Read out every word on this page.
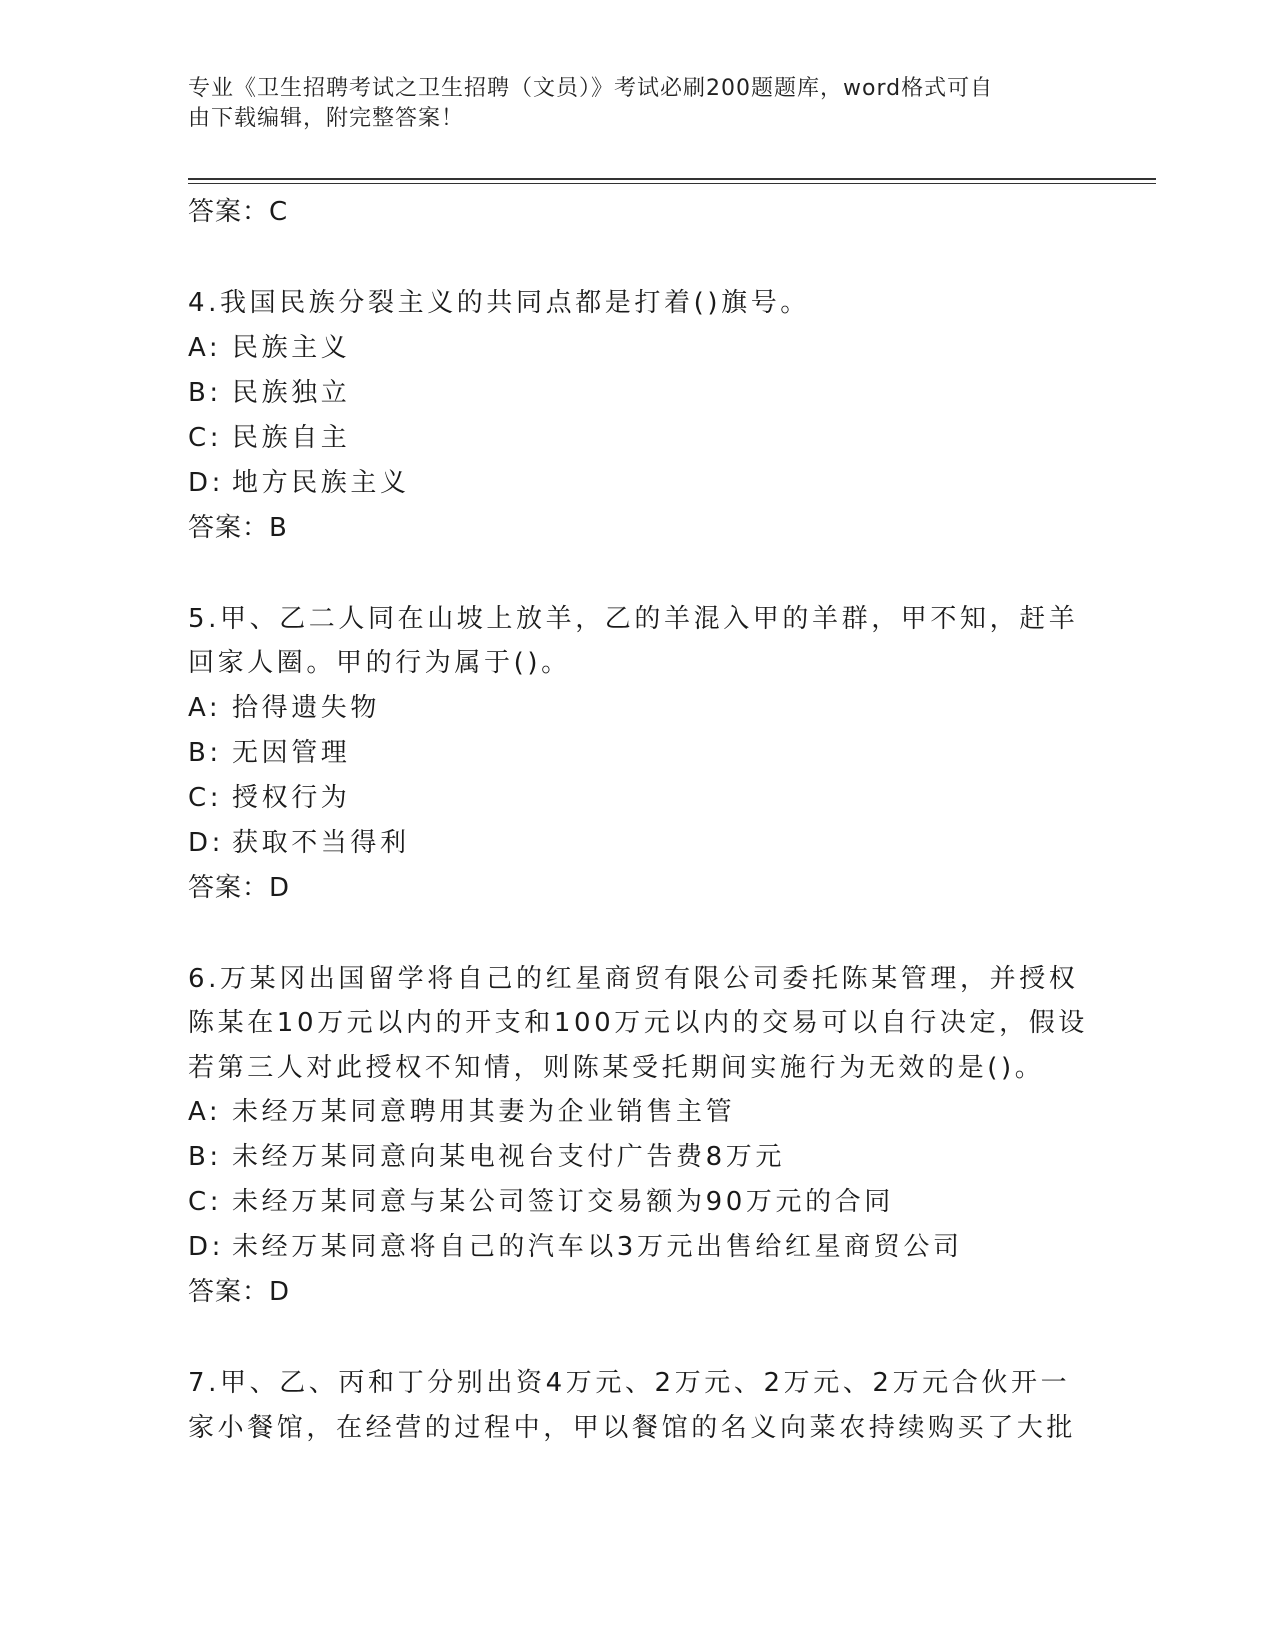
专业《卫生招聘考试之卫生招聘（文员）》考试必刷200题题库，word格式可自
由下载编辑，附完整答案！
答案：C
4.我国民族分裂主义的共同点都是打着()旗号。
A: 民族主义
B: 民族独立
C: 民族自主
D: 地方民族主义
答案：B
5.甲、乙二人同在山坡上放羊，乙的羊混入甲的羊群，甲不知，赶羊
回家人圈。甲的行为属于()。
A: 拾得遗失物
B: 无因管理
C: 授权行为
D: 获取不当得利
答案：D
6.万某冈出国留学将自己的红星商贸有限公司委托陈某管理，并授权
陈某在10万元以内的开支和100万元以内的交易可以自行决定，假设
若第三人对此授权不知情，则陈某受托期间实施行为无效的是()。
A: 未经万某同意聘用其妻为企业销售主管
B: 未经万某同意向某电视台支付广告费8万元
C: 未经万某同意与某公司签订交易额为90万元的合同
D: 未经万某同意将自己的汽车以3万元出售给红星商贸公司
答案：D
7.甲、乙、丙和丁分别出资4万元、2万元、2万元、2万元合伙开一
家小餐馆，在经营的过程中，甲以餐馆的名义向菜农持续购买了大批
